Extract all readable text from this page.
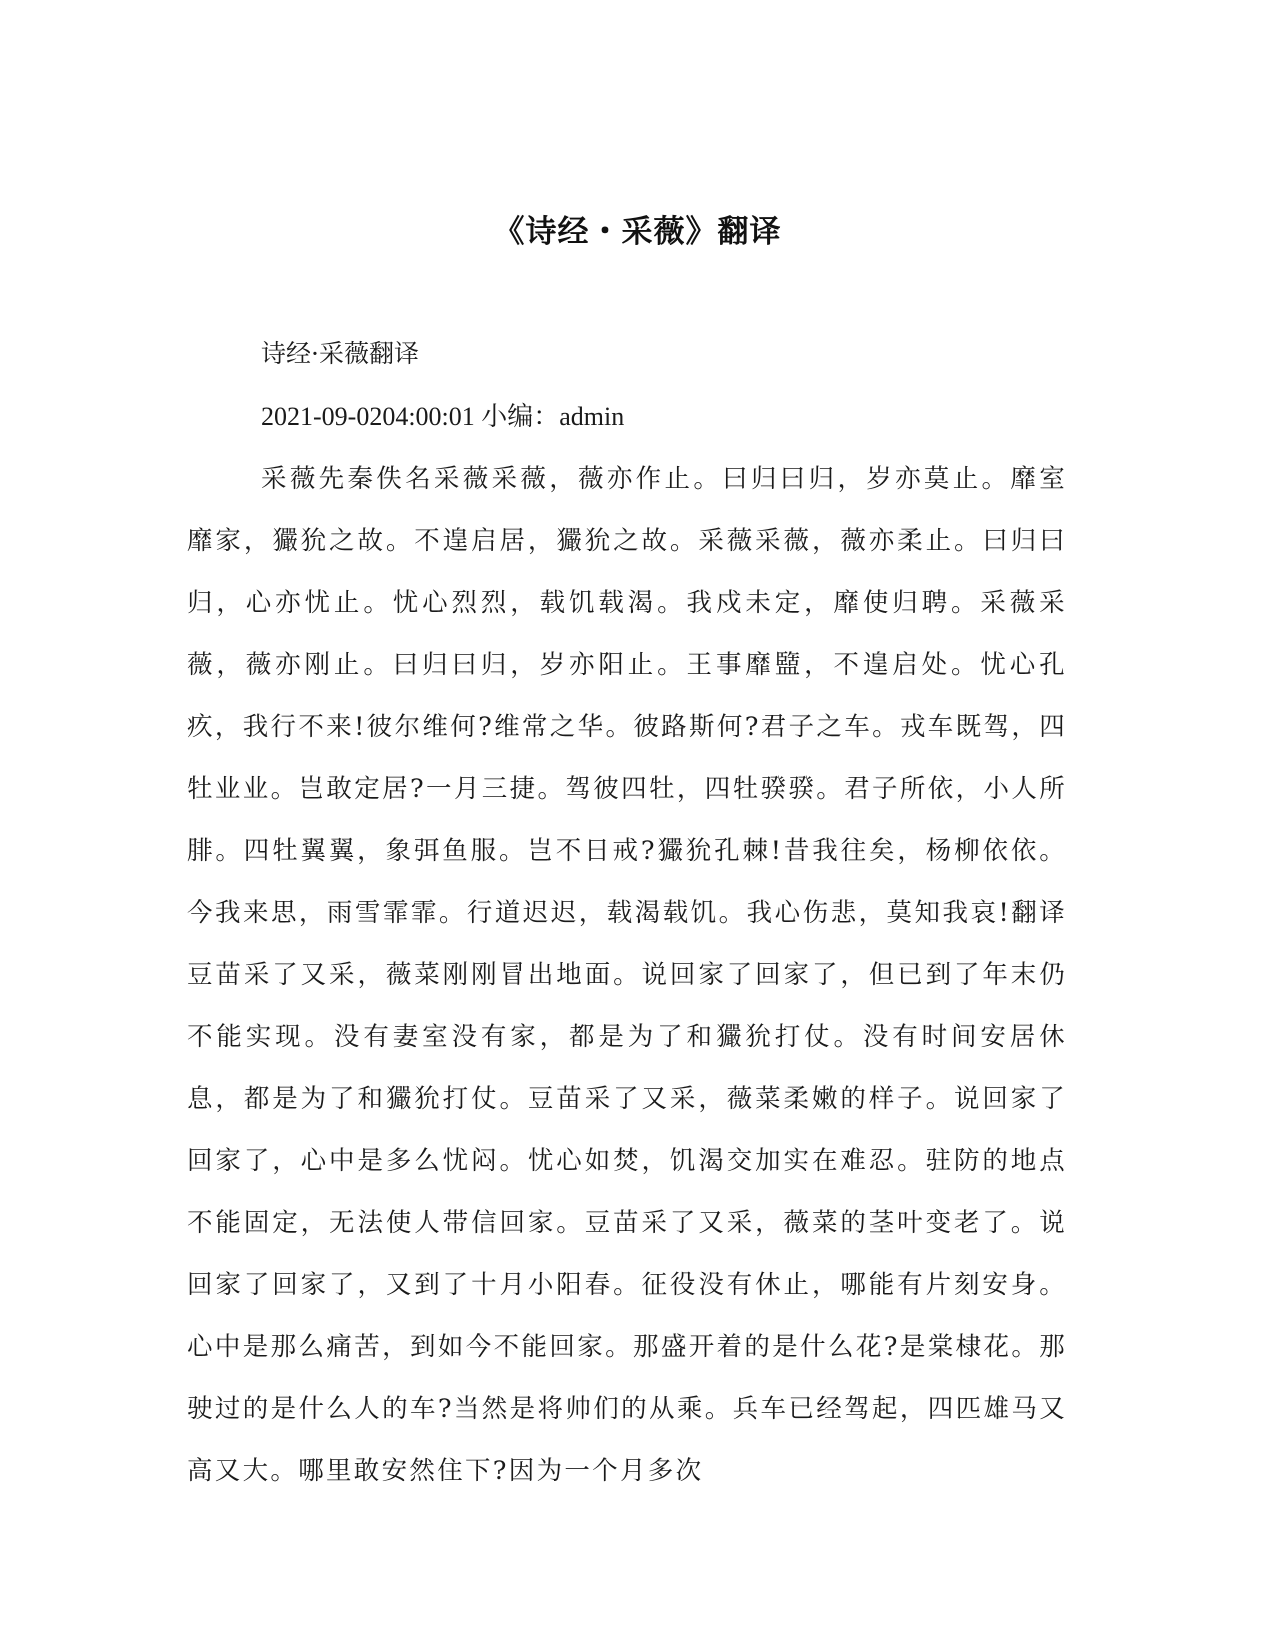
《诗经・采薇》翻译

诗经·采薇翻译

2021-09-0204:00:01 小编：admin

采薇先秦佚名采薇采薇，薇亦作止。曰归曰归，岁亦莫止。靡室靡家，玁狁之故。不遑启居，玁狁之故。采薇采薇，薇亦柔止。曰归曰归，心亦忧止。忧心烈烈，载饥载渴。我戍未定，靡使归聘。采薇采薇，薇亦刚止。曰归曰归，岁亦阳止。王事靡盬，不遑启处。忧心孔疚，我行不来!彼尔维何?维常之华。彼路斯何?君子之车。戎车既驾，四牡业业。岂敢定居?一月三捷。驾彼四牡，四牡骙骙。君子所依，小人所腓。四牡翼翼，象弭鱼服。岂不日戒?玁狁孔棘!昔我往矣，杨柳依依。今我来思，雨雪霏霏。行道迟迟，载渴载饥。我心伤悲，莫知我哀!翻译豆苗采了又采，薇菜刚刚冒出地面。说回家了回家了，但已到了年末仍不能实现。没有妻室没有家，都是为了和玁狁打仗。没有时间安居休息，都是为了和玁狁打仗。豆苗采了又采，薇菜柔嫩的样子。说回家了回家了，心中是多么忧闷。忧心如焚，饥渴交加实在难忍。驻防的地点不能固定，无法使人带信回家。豆苗采了又采，薇菜的茎叶变老了。说回家了回家了，又到了十月小阳春。征役没有休止，哪能有片刻安身。心中是那么痛苦，到如今不能回家。那盛开着的是什么花?是棠棣花。那驶过的是什么人的车?当然是将帅们的从乘。兵车已经驾起，四匹雄马又高又大。哪里敢安然住下?因为一个月多次
